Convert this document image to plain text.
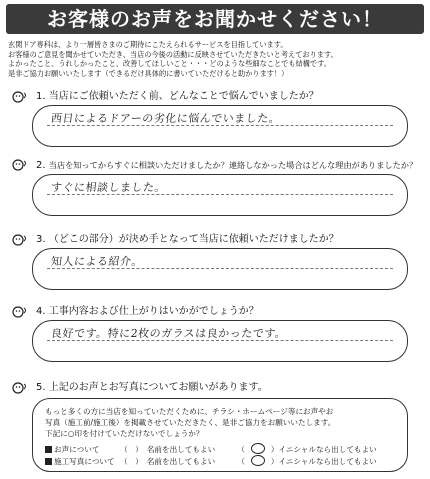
お客様のお声をお聞かせください！
玄関ドア専科は、より一層皆さまのご期待にこたえられるサービスを目指しています。
お客様のご意見を聞かせていただき、当店の今後の活動に反映させていただきたいと考えております。
よかったこと、うれしかったこと、改善してほしいこと・・・どのような些細なことでも結構です。
是非ご協力お願いいたします（できるだけ具体的に書いていただけると助かります！）
1. 当店にご依頼いただく前、どんなことで悩んでいましたか？
西日によるドアーの劣化に悩んでいました。
2. 当店を知ってからすぐに相談いただけましたか？連絡しなかった場合はどんな理由がありましたか？
すぐに相談しました。
3. （どこの部分）が決め手となって当店に依頼いただけましたか？
知人による紹介。
4. 工事内容および仕上がりはいかがでしょうか？
良好です。特に2枚のガラスは良かったです。
5. 上記のお声とお写真についてお願いがあります。
もっと多くの方に当店を知っていただくために、チラシ・ホームページ等にお声やお
写真（施工前/施工後）を掲載させていただきたく、是非ご協力をお願いいたします。
下記に○印を付けていただけないでしょうか？
お声について	（　） 名前を出してもよい	（ ○ ）イニシャルなら出してもよい
施工写真について （　） 名前を出してもよい	（ ○ ）イニシャルなら出してもよい
